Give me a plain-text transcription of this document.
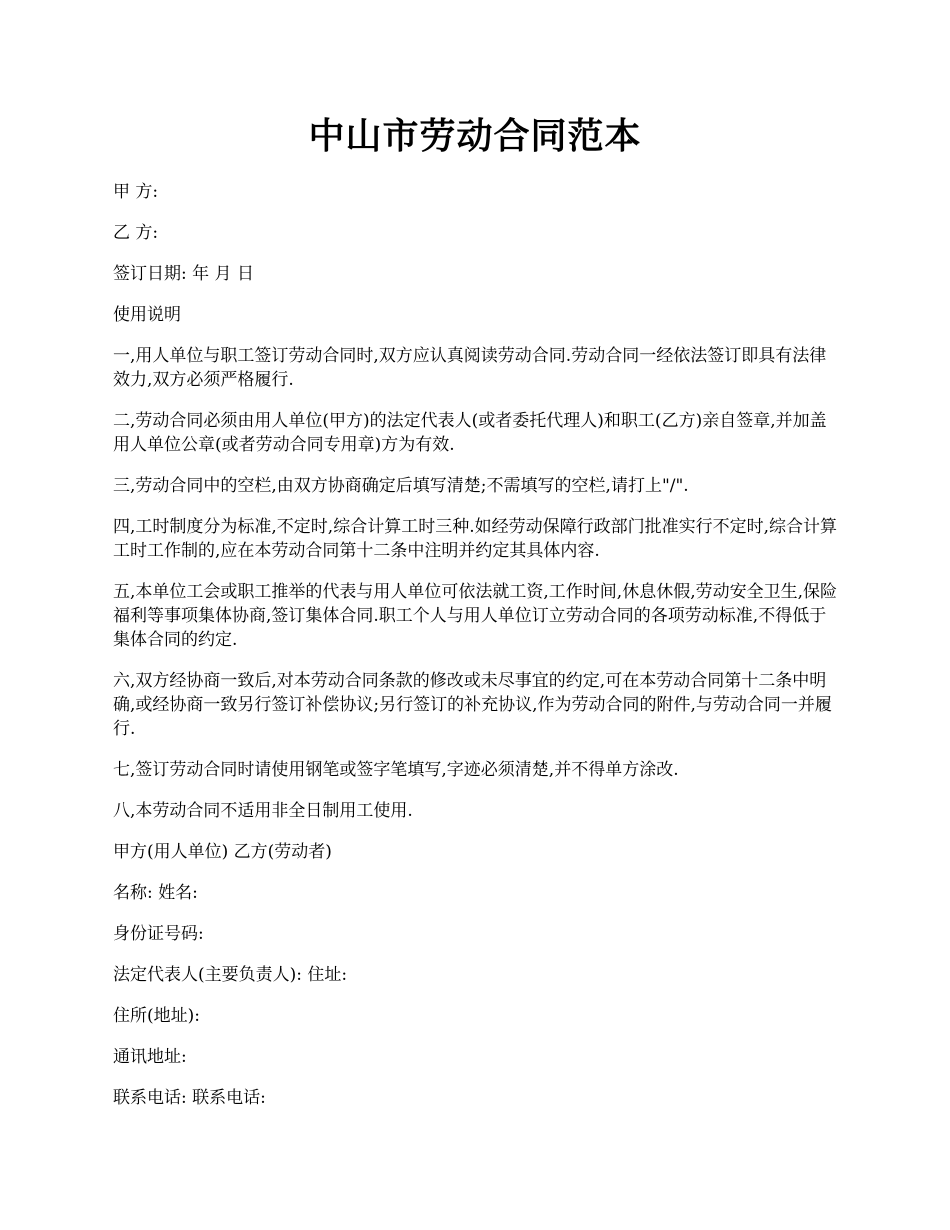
中山市劳动合同范本

甲 方:

乙 方:

签订日期: 年 月 日

使用说明

一,用人单位与职工签订劳动合同时,双方应认真阅读劳动合同.劳动合同一经依法签订即具有法律效力,双方必须严格履行.

二,劳动合同必须由用人单位(甲方)的法定代表人(或者委托代理人)和职工(乙方)亲自签章,并加盖用人单位公章(或者劳动合同专用章)方为有效.

三,劳动合同中的空栏,由双方协商确定后填写清楚;不需填写的空栏,请打上"/".

四,工时制度分为标准,不定时,综合计算工时三种.如经劳动保障行政部门批准实行不定时,综合计算工时工作制的,应在本劳动合同第十二条中注明并约定其具体内容.

五,本单位工会或职工推举的代表与用人单位可依法就工资,工作时间,休息休假,劳动安全卫生,保险福利等事项集体协商,签订集体合同.职工个人与用人单位订立劳动合同的各项劳动标准,不得低于集体合同的约定.

六,双方经协商一致后,对本劳动合同条款的修改或未尽事宜的约定,可在本劳动合同第十二条中明确,或经协商一致另行签订补偿协议;另行签订的补充协议,作为劳动合同的附件,与劳动合同一并履行.

七,签订劳动合同时请使用钢笔或签字笔填写,字迹必须清楚,并不得单方涂改.

八,本劳动合同不适用非全日制用工使用.

甲方(用人单位) 乙方(劳动者)

名称: 姓名:

身份证号码:

法定代表人(主要负责人): 住址:

住所(地址):

通讯地址:

联系电话: 联系电话:
